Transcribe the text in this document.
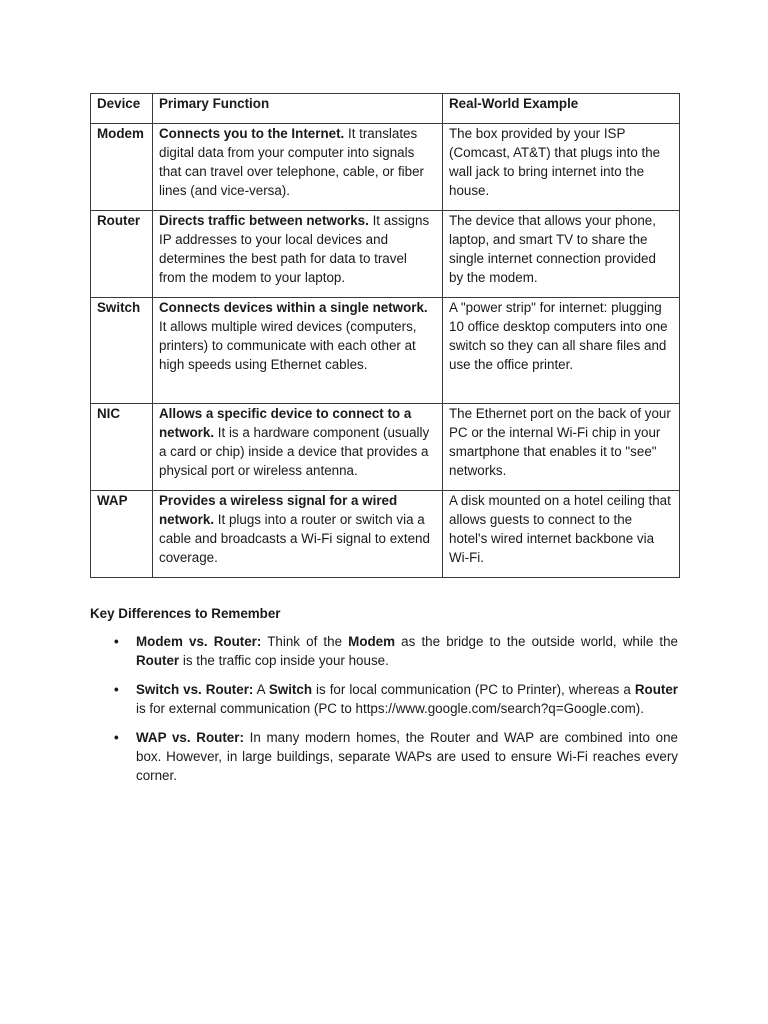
Device	Primary Function	Real-World Example
Modem	Connects you to the Internet. It translates digital data from your computer into signals that can travel over telephone, cable, or fiber lines (and vice-versa).	The box provided by your ISP (Comcast, AT&T) that plugs into the wall jack to bring internet into the house.
Router	Directs traffic between networks. It assigns IP addresses to your local devices and determines the best path for data to travel from the modem to your laptop.	The device that allows your phone, laptop, and smart TV to share the single internet connection provided by the modem.
Switch	Connects devices within a single network. It allows multiple wired devices (computers, printers) to communicate with each other at high speeds using Ethernet cables.	A "power strip" for internet: plugging 10 office desktop computers into one switch so they can all share files and use the office printer.
NIC	Allows a specific device to connect to a network. It is a hardware component (usually a card or chip) inside a device that provides a physical port or wireless antenna.	The Ethernet port on the back of your PC or the internal Wi-Fi chip in your smartphone that enables it to "see" networks.
WAP	Provides a wireless signal for a wired network. It plugs into a router or switch via a cable and broadcasts a Wi-Fi signal to extend coverage.	A disk mounted on a hotel ceiling that allows guests to connect to the hotel's wired internet backbone via Wi-Fi.

Key Differences to Remember

• Modem vs. Router: Think of the Modem as the bridge to the outside world, while the Router is the traffic cop inside your house.
• Switch vs. Router: A Switch is for local communication (PC to Printer), whereas a Router is for external communication (PC to https://www.google.com/search?q=Google.com).
• WAP vs. Router: In many modern homes, the Router and WAP are combined into one box. However, in large buildings, separate WAPs are used to ensure Wi-Fi reaches every corner.
